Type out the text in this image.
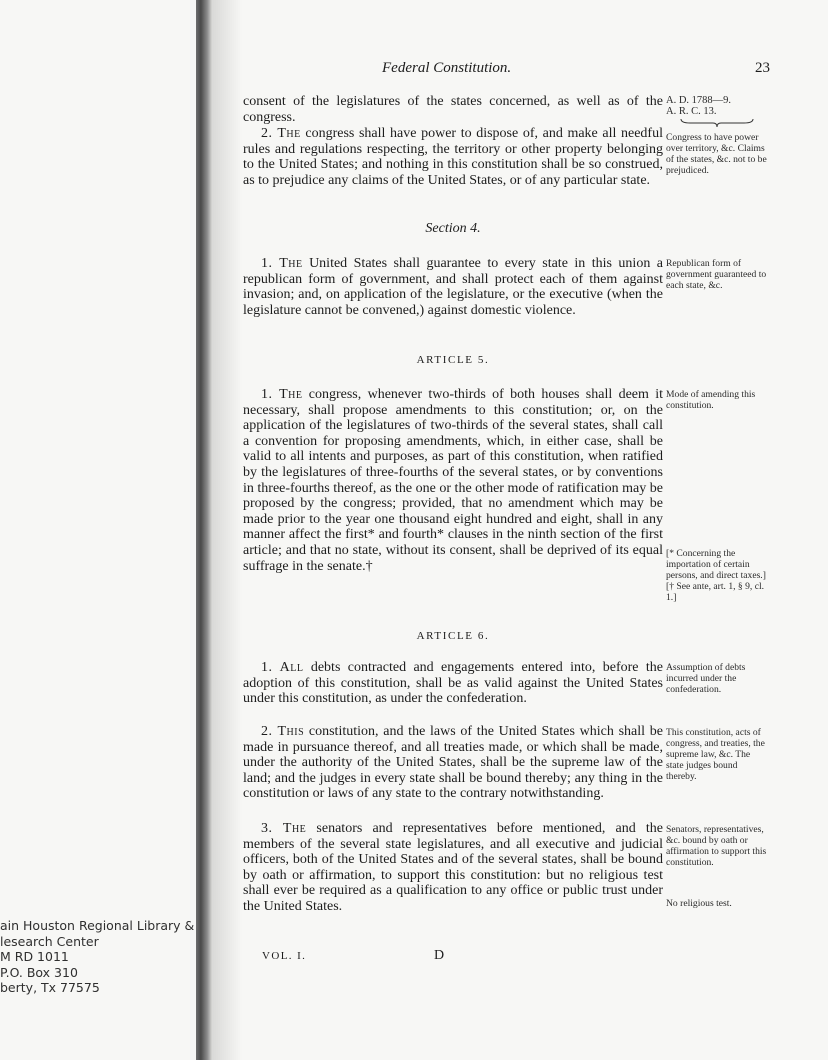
Federal Constitution.	23
consent of the legislatures of the states concerned, as well as of the congress.
A. D. 1788—9.
A. R. C. 13.
2. The congress shall have power to dispose of, and make all needful rules and regulations respecting, the territory or other property belonging to the United States; and nothing in this constitution shall be so construed, as to prejudice any claims of the United States, or of any particular state.
Congress to have power over territory, &c. Claims of the states, &c. not to be prejudiced.
Section 4.
1. The United States shall guarantee to every state in this union a republican form of government, and shall protect each of them against invasion; and, on application of the legislature, or the executive (when the legislature cannot be convened,) against domestic violence.
Republican form of government guaranteed to each state, &c.
ARTICLE 5.
1. The congress, whenever two-thirds of both houses shall deem it necessary, shall propose amendments to this constitution; or, on the application of the legislatures of two-thirds of the several states, shall call a convention for proposing amendments, which, in either case, shall be valid to all intents and purposes, as part of this constitution, when ratified by the legislatures of three-fourths of the several states, or by conventions in three-fourths thereof, as the one or the other mode of ratification may be proposed by the congress; provided, that no amendment which may be made prior to the year one thousand eight hundred and eight, shall in any manner affect the first* and fourth* clauses in the ninth section of the first article; and that no state, without its consent, shall be deprived of its equal suffrage in the senate.†
Mode of amending this constitution.
[* Concerning the importation of certain persons, and direct taxes.]
[† See ante, art. 1, § 9, cl. 1.]
ARTICLE 6.
1. All debts contracted and engagements entered into, before the adoption of this constitution, shall be as valid against the United States under this constitution, as under the confederation.
Assumption of debts incurred under the confederation.
2. This constitution, and the laws of the United States which shall be made in pursuance thereof, and all treaties made, or which shall be made, under the authority of the United States, shall be the supreme law of the land; and the judges in every state shall be bound thereby; any thing in the constitution or laws of any state to the contrary notwithstanding.
This constitution, acts of congress, and treaties, the supreme law, &c. The state judges bound thereby.
3. The senators and representatives before mentioned, and the members of the several state legislatures, and all executive and judicial officers, both of the United States and of the several states, shall be bound by oath or affirmation, to support this constitution: but no religious test shall ever be required as a qualification to any office or public trust under the United States.
Senators, representatives, &c. bound by oath or affirmation to support this constitution.
No religious test.
VOL. I.	D
ain Houston Regional Library &
lesearch Center
M RD 1011
P.O. Box 310
berty, Tx 77575
